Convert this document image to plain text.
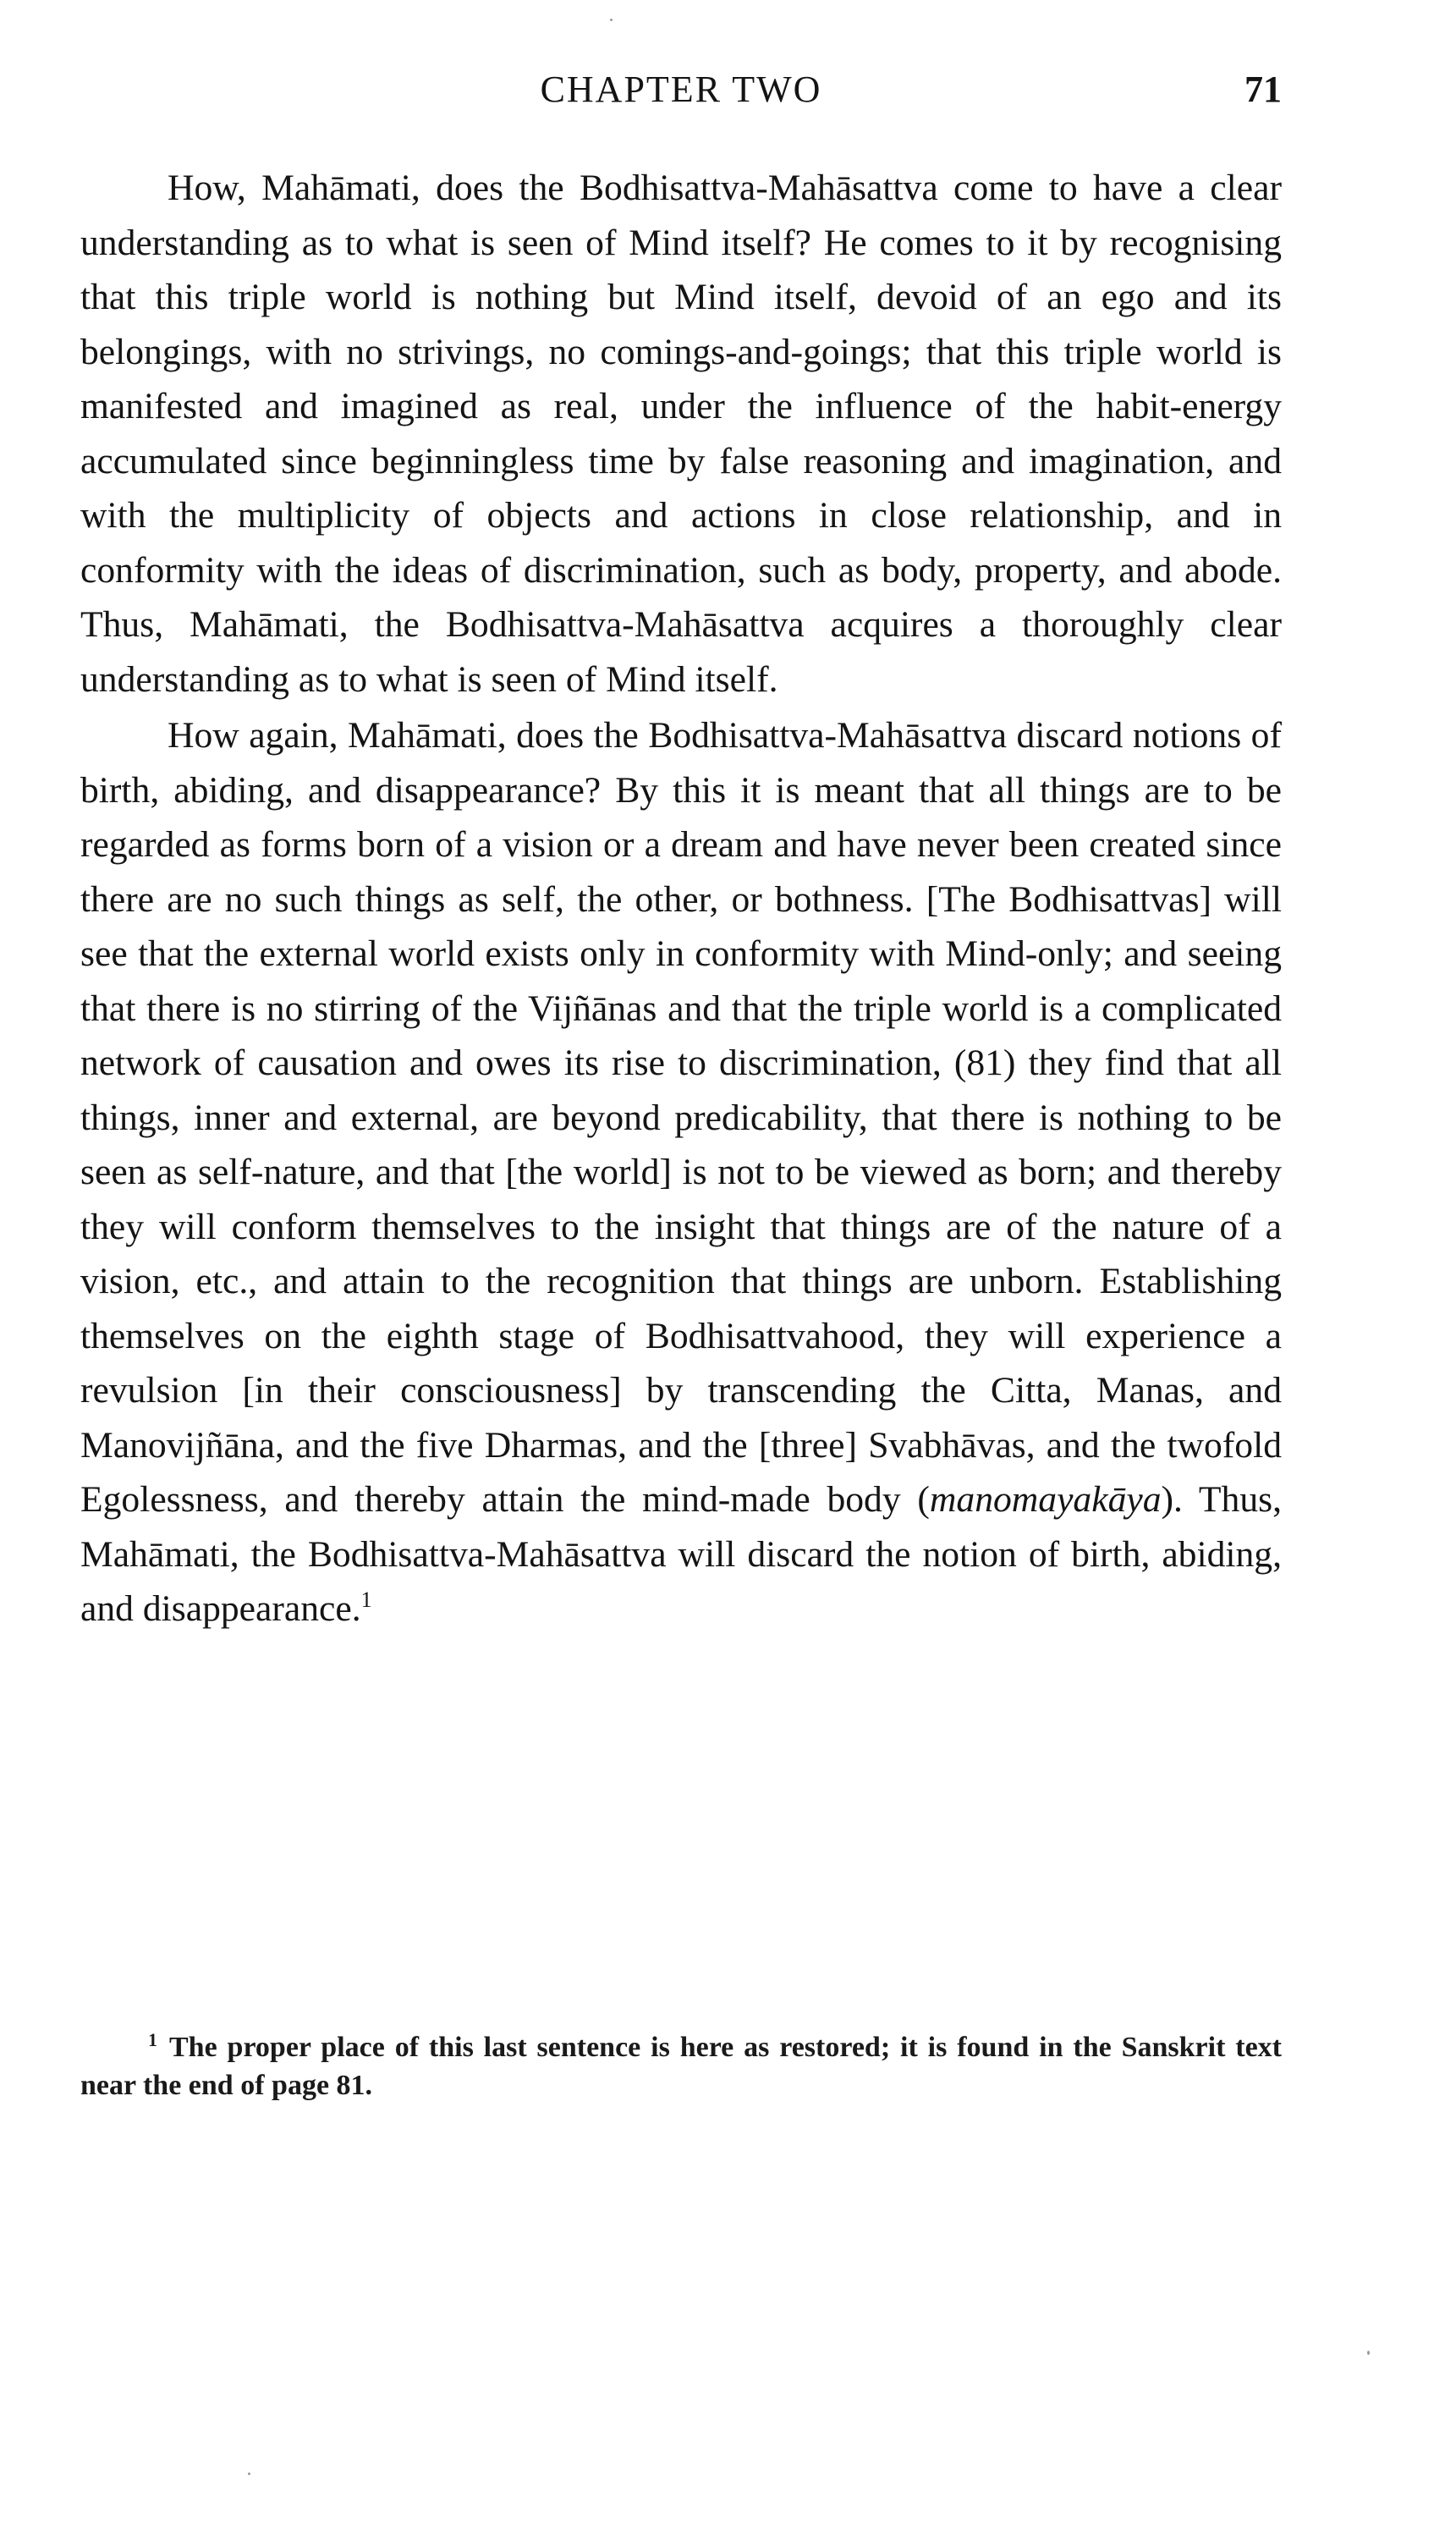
CHAPTER TWO	71

How, Mahāmati, does the Bodhisattva-Mahāsattva come to have a clear understanding as to what is seen of Mind itself? He comes to it by recognising that this triple world is nothing but Mind itself, devoid of an ego and its belongings, with no strivings, no comings-and-goings; that this triple world is manifested and imagined as real, under the influence of the habit-energy accumulated since beginningless time by false reasoning and imagination, and with the multiplicity of objects and actions in close relationship, and in conformity with the ideas of discrimination, such as body, property, and abode. Thus, Mahāmati, the Bodhisattva-Mahāsattva acquires a thoroughly clear understanding as to what is seen of Mind itself.

How again, Mahāmati, does the Bodhisattva-Mahāsattva discard notions of birth, abiding, and disappearance? By this it is meant that all things are to be regarded as forms born of a vision or a dream and have never been created since there are no such things as self, the other, or bothness. [The Bodhisattvas] will see that the external world exists only in conformity with Mind-only; and seeing that there is no stirring of the Vijñānas and that the triple world is a complicated network of causation and owes its rise to discrimination, (81) they find that all things, inner and external, are beyond predicability, that there is nothing to be seen as self-nature, and that [the world] is not to be viewed as born; and thereby they will conform themselves to the insight that things are of the nature of a vision, etc., and attain to the recognition that things are unborn. Establishing themselves on the eighth stage of Bodhisattvahood, they will experience a revulsion [in their consciousness] by transcending the Citta, Manas, and Manovijñāna, and the five Dharmas, and the [three] Svabhāvas, and the twofold Egolessness, and thereby attain the mind-made body (manomayakāya). Thus, Mahāmati, the Bodhisattva-Mahāsattva will discard the notion of birth, abiding, and disappearance.$^1$

$^1$ The proper place of this last sentence is here as restored; it is found in the Sanskrit text near the end of page 81.
